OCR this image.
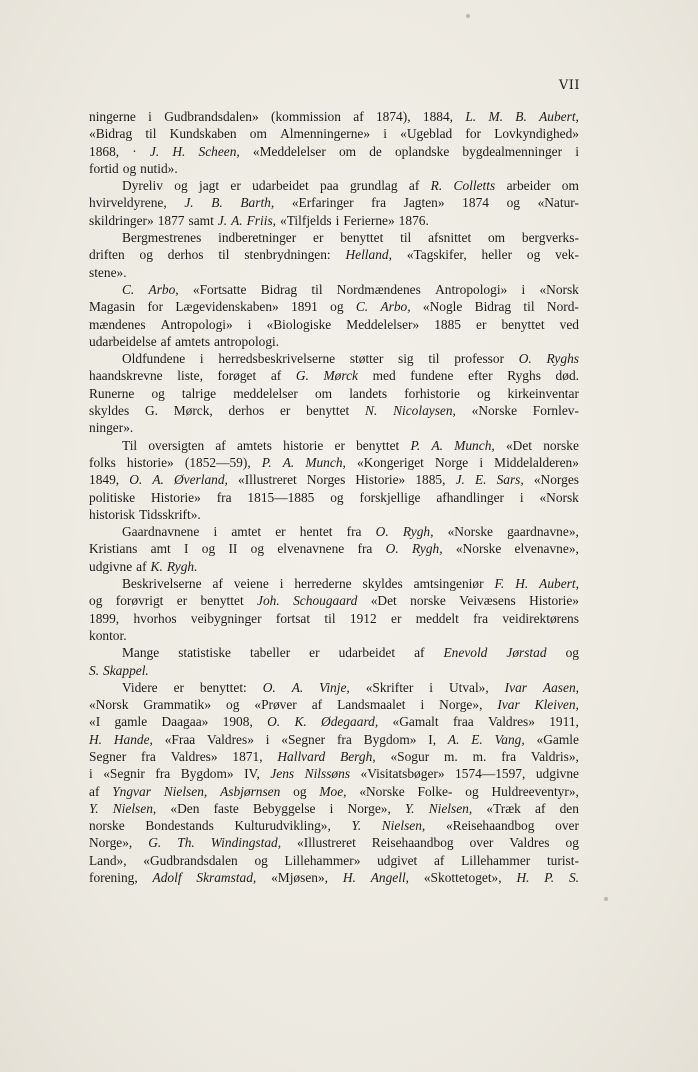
VII
ningerne i Gudbrandsdalen» (kommission af 1874), 1884, L. M. B. Aubert,
«Bidrag til Kundskaben om Almenningerne» i «Ugeblad for Lovkyndighed»
1868, · J. H. Scheen, «Meddelelser om de oplandske bygdealmenninger i
fortid og nutid».
Dyreliv og jagt er udarbeidet paa grundlag af R. Colletts arbeider om
hvirveldyrene, J. B. Barth, «Erfaringer fra Jagten» 1874 og «Natur-
skildringer» 1877 samt J. A. Friis, «Tilfjelds i Ferierne» 1876.
Bergmestrenes indberetninger er benyttet til afsnittet om bergverks-
driften og derhos til stenbrydningen: Helland, «Tagskifer, heller og vek-
stene».
C. Arbo, «Fortsatte Bidrag til Nordmændenes Antropologi» i «Norsk
Magasin for Lægevidenskaben» 1891 og C. Arbo, «Nogle Bidrag til Nord-
mændenes Antropologi» i «Biologiske Meddelelser» 1885 er benyttet ved
udarbeidelse af amtets antropologi.
Oldfundene i herredsbeskrivelserne støtter sig til professor O. Ryghs
haandskrevne liste, forøget af G. Mørck med fundene efter Ryghs død.
Runerne og talrige meddelelser om landets forhistorie og kirkeinventar
skyldes G. Mørck, derhos er benyttet N. Nicolaysen, «Norske Fornlev-
ninger».
Til oversigten af amtets historie er benyttet P. A. Munch, «Det norske
folks historie» (1852—59), P. A. Munch, «Kongeriget Norge i Middelalderen»
1849, O. A. Øverland, «Illustreret Norges Historie» 1885, J. E. Sars, «Norges
politiske Historie» fra 1815—1885 og forskjellige afhandlinger i «Norsk
historisk Tidsskrift».
Gaardnavnene i amtet er hentet fra O. Rygh, «Norske gaardnavne»,
Kristians amt I og II og elvenavnene fra O. Rygh, «Norske elvenavne»,
udgivne af K. Rygh.
Beskrivelserne af veiene i herrederne skyldes amtsingeniør F. H. Aubert,
og forøvrigt er benyttet Joh. Schougaard «Det norske Veivæsens Historie»
1899, hvorhos veibygninger fortsat til 1912 er meddelt fra veidirektørens
kontor.
Mange statistiske tabeller er udarbeidet af Enevold Jørstad og
S. Skappel.
Videre er benyttet: O. A. Vinje, «Skrifter i Utval», Ivar Aasen,
«Norsk Grammatik» og «Prøver af Landsmaalet i Norge», Ivar Kleiven,
«I gamle Daagaa» 1908, O. K. Ødegaard, «Gamalt fraa Valdres» 1911,
H. Hande, «Fraa Valdres» i «Segner fra Bygdom» I, A. E. Vang, «Gamle
Segner fra Valdres» 1871, Hallvard Bergh, «Sogur m. m. fra Valdris»,
i «Segnir fra Bygdom» IV, Jens Nilssøns «Visitatsbøger» 1574—1597, udgivne
af Yngvar Nielsen, Asbjørnsen og Moe, «Norske Folke- og Huldreeventyr»,
Y. Nielsen, «Den faste Bebyggelse i Norge», Y. Nielsen, «Træk af den
norske Bondestands Kulturudvikling», Y. Nielsen, «Reisehaandbog over
Norge», G. Th. Windingstad, «Illustreret Reisehaandbog over Valdres og
Land», «Gudbrandsdalen og Lillehammer» udgivet af Lillehammer turist-
forening, Adolf Skramstad, «Mjøsen», H. Angell, «Skottetoget», H. P. S.
